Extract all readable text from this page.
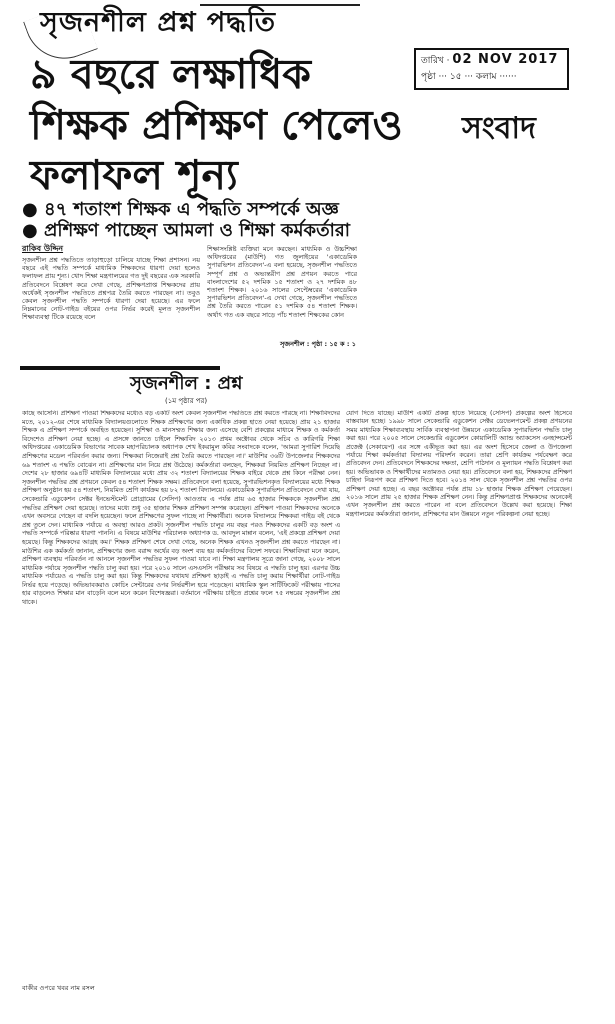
সৃজনশীল প্রশ্ন পদ্ধতি
৯ বছরে লক্ষাধিক
শিক্ষক প্রশিক্ষণ পেলেও
ফলাফল শূন্য
● ৪৭ শতাংশ শিক্ষক এ পদ্ধতি সম্পর্কে অজ্ঞ
● প্রশিক্ষণ পাচ্ছেন আমলা ও শিক্ষা কর্মকর্তারা
রাকিব উদ্দিন
সৃজনশীল প্রশ্ন পদ্ধতিতে তাড়াহুড়ো চালিয়ে যাচ্ছে শিক্ষা প্রশাসন। নয় বছরে এই পদ্ধতি সম্পর্কে মাধ্যমিক শিক্ষকদের ধারণা দেয়া হলেও ফলাফল প্রায় শূন্য। খোদ শিক্ষা মন্ত্রণালয়ের গত দুই বছরের এক সরকারি প্রতিবেদনে বিশ্লেষণ করে দেখা গেছে, প্রশিক্ষণপ্রাপ্ত শিক্ষকদের প্রায় অর্ধেকই সৃজনশীল পদ্ধতিতে প্রশ্নপত্র তৈরি করতে পারছেন না। তবুও কেবল সৃজনশীল পদ্ধতি সম্পর্কে ধারণা দেয়া হয়েছে। এর ফলে নিম্নমানের নোট-গাইড বইয়ের ওপর নির্ভর করেই মূলত সৃজনশীল শিক্ষাব্যবস্থা টিকে রয়েছে বলে
শিক্ষাসংশ্লিষ্ট ব্যক্তিরা মনে করছেন। মাধ্যমিক ও উচ্চশিক্ষা অধিদপ্তরের (মাউশি) গত জুলাইয়ের 'একাডেমিক সুপারভিশন প্রতিবেদন'-এ বলা হয়েছে, সৃজনশীল পদ্ধতিতে সম্পূর্ণ প্রশ্ন ও অভ্যন্তরীণ প্রশ্ন প্রণয়ন করতে পারে বাংলাদেশের ৫২ দশমিক ১৫ শতাংশ ও ২৭ দশমিক ৪৮ শতাংশ শিক্ষক। ২০১৬ সালের সেপ্টেম্বরের 'একাডেমিক সুপারভিশন প্রতিবেদন'-এ দেখা গেছে, সৃজনশীল পদ্ধতিতে প্রশ্ন তৈরি করতে পারেন ৫১ দশমিক ৫৪ শতাংশ শিক্ষক। অর্থাৎ গত এক বছরে সাড়ে পাঁচ শতাংশ শিক্ষকের কোন
সৃজনশীল : পৃষ্ঠা : ১৫ ক : ১
তারিখ · 02 NOV 2017
পৃষ্ঠা ··· ১৫ ··· কলাম ······
সংবাদ
সৃজনশীল : প্রশ্ন
(১ম পৃষ্ঠার পর)
কাছে আসেনি। প্রশিক্ষণ পাওয়া শিক্ষকদের মধ্যেও বড় একটি অংশ কেবল সৃজনশীল পদ্ধতিতে প্রশ্ন করতে পারছে না। শিক্ষাবিদদের মতে, ২০১২-এর শেষে মাধ্যমিক বিদ্যালয়গুলোতে শিক্ষক প্রশিক্ষণের জন্য একাধিক প্রকল্প হাতে নেয়া হয়েছে। প্রায় ২১ হাজার শিক্ষক এ প্রশিক্ষণ সম্পর্কে অবহিত হয়েছেন। সুশিক্ষা ও মানসম্মত শিক্ষার জন্য এসেছে বেশি প্রকল্পের মাধ্যমে শিক্ষক ও কর্মকর্তা বিদেশেও প্রশিক্ষণ নেয়া হচ্ছে। এ প্রসঙ্গে জানতে চাইলে শিক্ষাবিদ ২০১৩ প্রথম অক্টোবর থেকে সচিব ও কারিগরি শিক্ষা অধিদপ্তরের একাডেমিক বিভাগের সাবেক মহাপরিচালক অধ্যাপক শেখ ইকরামুল কবির সংবাদকে বলেন, 'আমরা সুপারিশ দিয়েছি প্রশিক্ষণের মডেল পরিবর্তন করার জন্য। শিক্ষকরা নিজেরাই প্রশ্ন তৈরি করতে পারছেন না।' মাউশির ৩৬টি উপজেলার শিক্ষকদের ৬৯ শতাংশ এ পদ্ধতি বোঝেন না। প্রশিক্ষণের মান নিয়ে প্রশ্ন উঠেছে। কর্মকর্তারা বলছেন, শিক্ষকরা নিয়মিত প্রশিক্ষণ নিচ্ছেন না। দেশের ২৮ হাজার ৬৯৪টি মাধ্যমিক বিদ্যালয়ের মধ্যে প্রায় ৩২ শতাংশ বিদ্যালয়ের শিক্ষক বাইরে থেকে প্রশ্ন কিনে পরীক্ষা নেন। সৃজনশীল পদ্ধতির প্রশ্ন প্রণয়নে কেবল ৫৪ শতাংশ শিক্ষক সক্ষম। প্রতিবেদনে বলা হয়েছে, সুপারভিশনকৃত বিদ্যালয়ের মধ্যে শিক্ষক প্রশিক্ষণ অনুষ্ঠান হয় ৫৪ শতাংশ, নিয়মিত শ্রেণি কার্যক্রম হয় ৮২ শতাংশ বিদ্যালয়ে। একাডেমিক সুপারভিশন প্রতিবেদনে দেখা যায়, সেকেন্ডারি এডুকেশন সেক্টর ইনভেস্টমেন্ট প্রোগ্রামের (সেসিপ) আওতায় এ পর্যন্ত প্রায় ৬৫ হাজার শিক্ষককে সৃজনশীল প্রশ্ন পদ্ধতির প্রশিক্ষণ দেয়া হয়েছে। তাদের মধ্যে শুধু ৩৫ হাজার শিক্ষক প্রশিক্ষণ সম্পন্ন করেছেন। প্রশিক্ষণ পাওয়া শিক্ষকদের অনেকে এখন অবসরে গেছেন বা বদলি হয়েছেন। ফলে প্রশিক্ষণের সুফল পাচ্ছে না শিক্ষার্থীরা। অনেক বিদ্যালয়ে শিক্ষকরা গাইড বই থেকে প্রশ্ন তুলে দেন। মাধ্যমিক পর্যায়ে এ অবস্থা আরও প্রকট। সৃজনশীল পদ্ধতি চালুর নয় বছর পরও শিক্ষকদের একটি বড় অংশ এ পদ্ধতি সম্পর্কে পরিষ্কার ধারণা পাননি। এ বিষয়ে মাউশির পরিচালক অধ্যাপক ড. আবদুল মান্নান বলেন, 'এই প্রকল্পে প্রশিক্ষণ দেয়া হয়েছে। কিন্তু শিক্ষকদের আগ্রহ কম।' শিক্ষক প্রশিক্ষণ শেষে দেখা গেছে, অনেক শিক্ষক এখনও সৃজনশীল প্রশ্ন করতে পারছেন না। মাউশির এক কর্মকর্তা জানান, প্রশিক্ষণের জন্য বরাদ্দ অর্থের বড় অংশ ব্যয় হয় কর্মকর্তাদের বিদেশ সফরে। শিক্ষাবিদরা মনে করেন, প্রশিক্ষণ ব্যবস্থায় পরিবর্তন না আনলে সৃজনশীল পদ্ধতির সুফল পাওয়া যাবে না। শিক্ষা মন্ত্রণালয় সূত্রে জানা গেছে, ২০০৮ সালে মাধ্যমিক পর্যায়ে সৃজনশীল পদ্ধতি চালু করা হয়। পরে ২০১০ সালে এসএসসি পরীক্ষায় সব বিষয়ে এ পদ্ধতি চালু হয়। এরপর উচ্চ মাধ্যমিক পর্যায়েও এ পদ্ধতি চালু করা হয়। কিন্তু শিক্ষকদের যথাযথ প্রশিক্ষণ ছাড়াই এ পদ্ধতি চালু করায় শিক্ষার্থীরা নোট-গাইড নির্ভর হয়ে পড়েছে। অভিভাবকরাও কোচিং সেন্টারের ওপর নির্ভরশীল হয়ে পড়েছেন। মাধ্যমিক স্কুল সার্টিফিকেট পরীক্ষায় পাসের হার বাড়লেও শিক্ষার মান বাড়েনি বলে মনে করেন বিশেষজ্ঞরা। বর্তমানে পরীক্ষায় চাইতে প্রশ্নের ফলে ৭৫ নম্বরের সৃজনশীল প্রশ্ন থাকে।
যোগ দিতে যাচ্ছে। মাউশি একটি প্রকল্প হাতে নিয়েছে (সেসিপ) প্রকল্পের অংশ হিসেবে বাস্তবায়ন হচ্ছে। ১৯৯৮ সালে সেকেন্ডারি এডুকেশন সেক্টর ডেভেলপমেন্ট প্রকল্প প্রণয়নের সময় মাধ্যমিক শিক্ষাব্যবস্থায় সার্বিক ব্যবস্থাপনা উন্নয়নে একাডেমিক সুপারভিশন পদ্ধতি চালু করা হয়। পরে ২০০৫ সালে সেকেন্ডারি এডুকেশন কোয়ালিটি অ্যান্ড অ্যাকসেস এনহান্সমেন্ট প্রজেক্ট (সেকায়েপ) এর সঙ্গে একীভূত করা হয়। এর অংশ হিসেবে জেলা ও উপজেলা পর্যায়ে শিক্ষা কর্মকর্তারা বিদ্যালয় পরিদর্শন করেন। তারা শ্রেণি কার্যক্রম পর্যবেক্ষণ করে প্রতিবেদন দেন। প্রতিবেদনে শিক্ষকদের দক্ষতা, শ্রেণি পাঠদান ও মূল্যায়ন পদ্ধতি বিশ্লেষণ করা হয়। অভিভাবক ও শিক্ষার্থীদের মতামতও নেয়া হয়। প্রতিবেদনে বলা হয়, শিক্ষকদের প্রশিক্ষণ চাহিদা নিরূপণ করে প্রশিক্ষণ দিতে হবে। ২০১৪ সাল থেকে সৃজনশীল প্রশ্ন পদ্ধতির ওপর প্রশিক্ষণ দেয়া হচ্ছে। এ বছর অক্টোবর পর্যন্ত প্রায় ১৮ হাজার শিক্ষক প্রশিক্ষণ পেয়েছেন। ২০১৬ সালে প্রায় ২৫ হাজার শিক্ষক প্রশিক্ষণ নেন। কিন্তু প্রশিক্ষণপ্রাপ্ত শিক্ষকদের অনেকেই এখন সৃজনশীল প্রশ্ন করতে পারেন না বলে প্রতিবেদনে উল্লেখ করা হয়েছে। শিক্ষা মন্ত্রণালয়ের কর্মকর্তারা জানান, প্রশিক্ষণের মান উন্নয়নে নতুন পরিকল্পনা নেয়া হচ্ছে।
বাকীর ওপরে খবর নাম রসল
